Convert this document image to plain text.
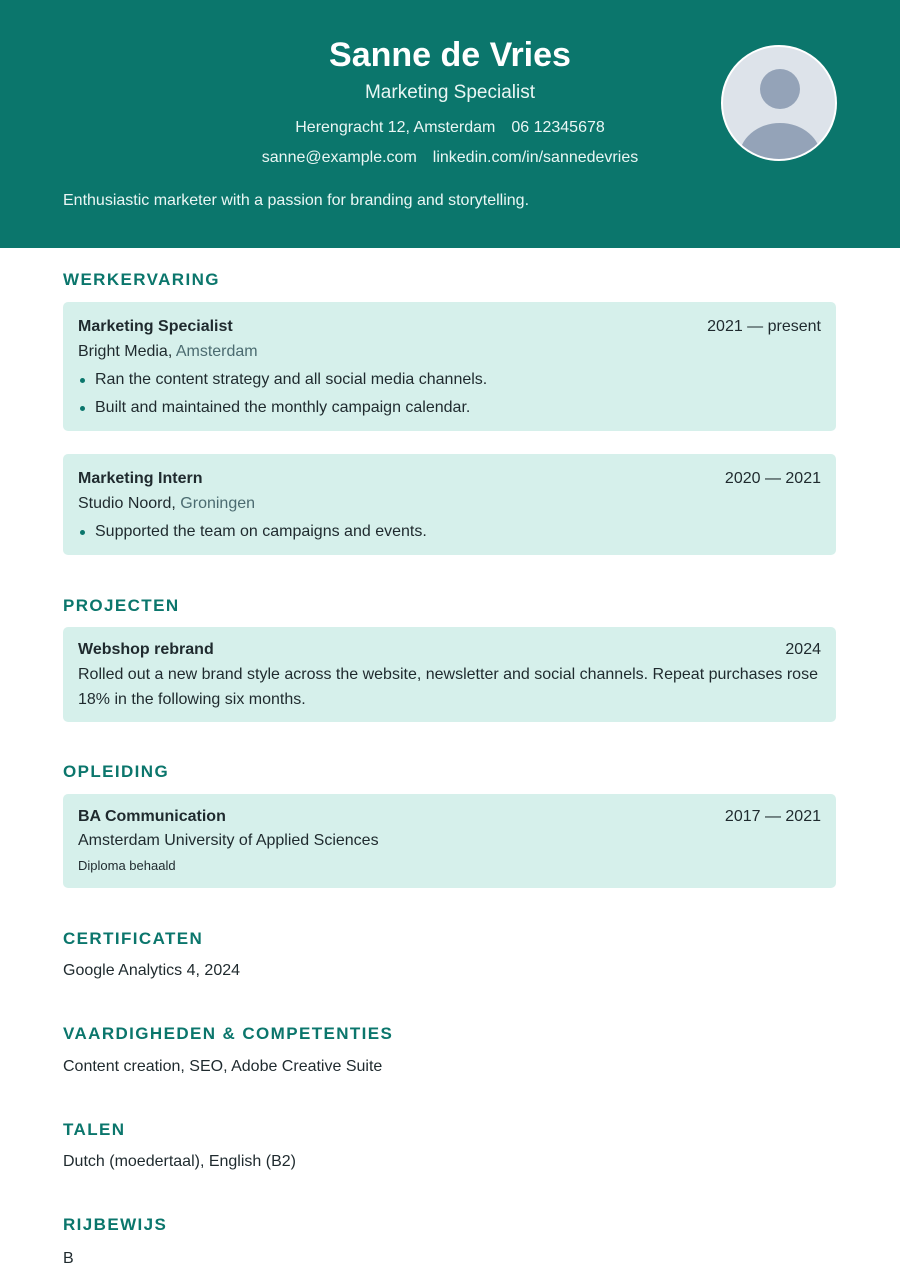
Sanne de Vries
Marketing Specialist
Herengracht 12, Amsterdam 06 12345678
sanne@example.com linkedin.com/in/sannedevries
Enthusiastic marketer with a passion for branding and storytelling.
WERKERVARING
Marketing Specialist	2021 — present
Bright Media, Amsterdam
Ran the content strategy and all social media channels.
Built and maintained the monthly campaign calendar.
Marketing Intern	2020 — 2021
Studio Noord, Groningen
Supported the team on campaigns and events.
PROJECTEN
Webshop rebrand	2024
Rolled out a new brand style across the website, newsletter and social channels. Repeat purchases rose 18% in the following six months.
OPLEIDING
BA Communication	2017 — 2021
Amsterdam University of Applied Sciences
Diploma behaald
CERTIFICATEN
Google Analytics 4, 2024
VAARDIGHEDEN & COMPETENTIES
Content creation, SEO, Adobe Creative Suite
TALEN
Dutch (moedertaal), English (B2)
RIJBEWIJS
B
